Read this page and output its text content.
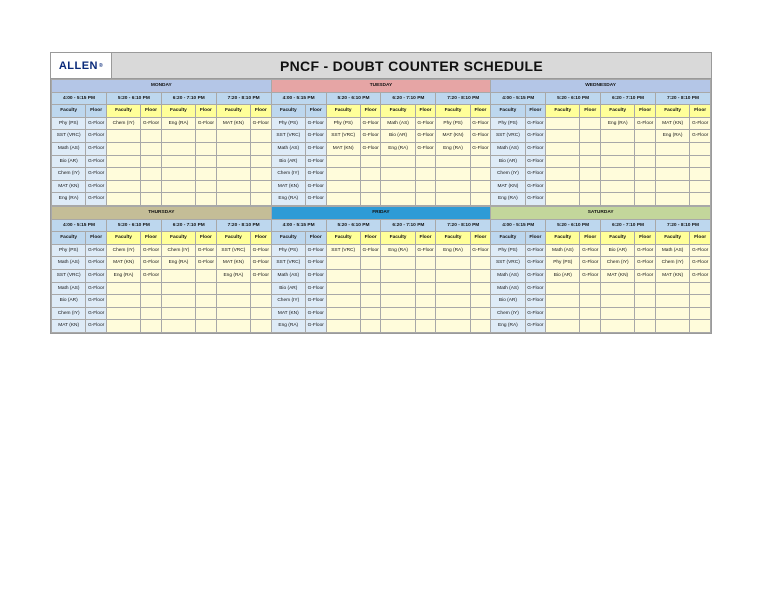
ALLEN ®	PNCF - DOUBT COUNTER SCHEDULE
MONDAY								TUESDAY								WEDNESDAY							
4:00 - 5:15 PM		5:20 - 6:10 PM		6:20 - 7:10 PM		7:20 - 8:10 PM		4:00 - 5:15 PM		5:20 - 6:10 PM		6:20 - 7:10 PM		7:20 - 8:10 PM		4:00 - 5:15 PM		5:20 - 6:10 PM		6:20 - 7:10 PM		7:20 - 8:10 PM	
Faculty	Floor	Faculty	Floor	Faculty	Floor	Faculty	Floor	Faculty	Floor	Faculty	Floor	Faculty	Floor	Faculty	Floor	Faculty	Floor	Faculty	Floor	Faculty	Floor	Faculty	Floor
Phy (PS)	G-Floor	Chem (IY)	G-Floor	Eng (RA)	G-Floor	MAT (KN)	G-Floor	Phy (PS)	G-Floor	Phy (PS)	G-Floor	Math (AS)	G-Floor	Phy (PS)	G-Floor	Phy (PS)	G-Floor			Eng (RA)	G-Floor	MAT (KN)	G-Floor
SST (VRC)	G-Floor							SST (VRC)	G-Floor	SST (VRC)	G-Floor	Bio (AR)	G-Floor	MAT (KN)	G-Floor	SST (VRC)	G-Floor					Eng (RA)	G-Floor
Math (AS)	G-Floor							Math (AS)	G-Floor	MAT (KN)	G-Floor	Eng (RA)	G-Floor	Eng (RA)	G-Floor	Math (AS)	G-Floor						
Bio (AR)	G-Floor							Bio (AR)	G-Floor							Bio (AR)	G-Floor						
Chem (IY)	G-Floor							Chem (IY)	G-Floor							Chem (IY)	G-Floor						
MAT (KN)	G-Floor							MAT (KN)	G-Floor							MAT (KN)	G-Floor						
Eng (RA)	G-Floor							Eng (RA)	G-Floor							Eng (RA)	G-Floor						
THURSDAY								FRIDAY								SATURDAY							
4:00 - 5:15 PM		5:20 - 6:10 PM		6:20 - 7:10 PM		7:20 - 8:10 PM		4:00 - 5:15 PM		5:20 - 6:10 PM		6:20 - 7:10 PM		7:20 - 8:10 PM		4:00 - 5:15 PM		5:20 - 6:10 PM		6:20 - 7:10 PM		7:20 - 8:10 PM	
Faculty	Floor	Faculty	Floor	Faculty	Floor	Faculty	Floor	Faculty	Floor	Faculty	Floor	Faculty	Floor	Faculty	Floor	Faculty	Floor	Faculty	Floor	Faculty	Floor	Faculty	Floor
Phy (PS)	G-Floor	Chem (IY)	G-Floor	Chem (IY)	G-Floor	SST (VRC)	G-Floor	Phy (PS)	G-Floor	SST (VRC)	G-Floor	Eng (RA)	G-Floor	Eng (RA)	G-Floor	Phy (PS)	G-Floor	Math (AS)	G-Floor	Bio (AR)	G-Floor	Math (AS)	G-Floor
Math (AS)	G-Floor	MAT (KN)	G-Floor	Eng (RA)	G-Floor	MAT (KN)	G-Floor	SST (VRC)	G-Floor							SST (VRC)	G-Floor	Phy (PS)	G-Floor	Chem (IY)	G-Floor	Chem (IY)	G-Floor
SST (VRC)	G-Floor	Eng (RA)	G-Floor			Eng (RA)	G-Floor	Math (AS)	G-Floor							Math (AS)	G-Floor	Bio (AR)	G-Floor	MAT (KN)	G-Floor	MAT (KN)	G-Floor
Math (AS)	G-Floor							Bio (AR)	G-Floor							Math (AS)	G-Floor						
Bio (AR)	G-Floor							Chem (IY)	G-Floor							Bio (AR)	G-Floor						
Chem (IY)	G-Floor							MAT (KN)	G-Floor							Chem (IY)	G-Floor						
MAT (KN)	G-Floor							Eng (RA)	G-Floor							Eng (RA)	G-Floor						
